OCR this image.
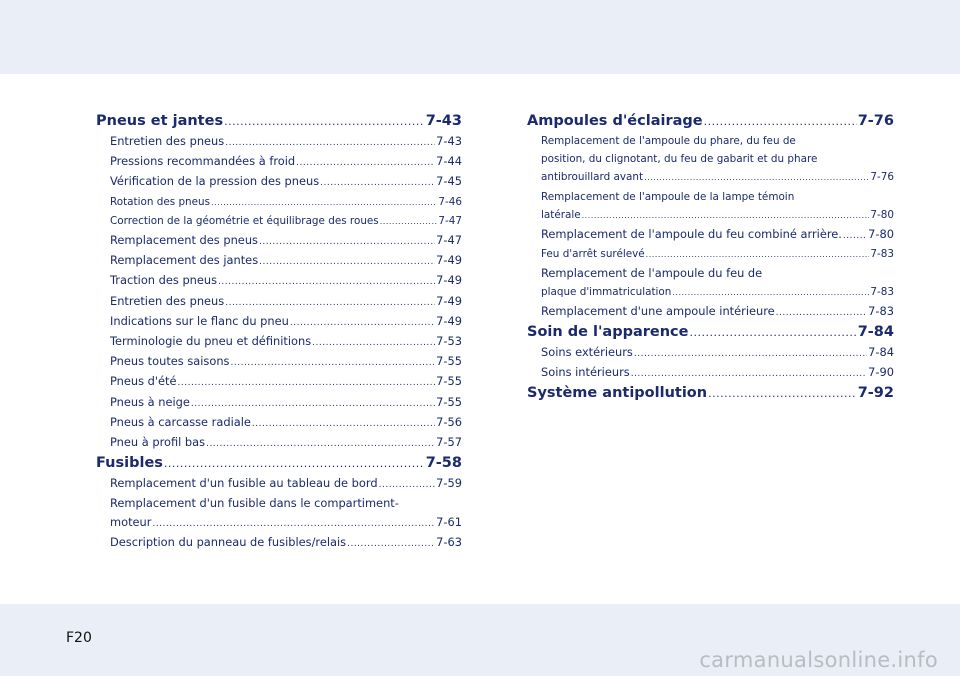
Pneus et jantes .....	7-43
Entretien des pneus .....	7-43
Pressions recommandées à froid .....	7-44
Vérification de la pression des pneus .....	7-45
Rotation des pneus .....	7-46
Correction de la géométrie et équilibrage des roues .....	7-47
Remplacement des pneus .....	7-47
Remplacement des jantes .....	7-49
Traction des pneus .....	7-49
Entretien des pneus .....	7-49
Indications sur le flanc du pneu .....	7-49
Terminologie du pneu et définitions .....	7-53
Pneus toutes saisons .....	7-55
Pneus d'été .....	7-55
Pneus à neige .....	7-55
Pneus à carcasse radiale .....	7-56
Pneu à profil bas .....	7-57
Fusibles .....	7-58
Remplacement d'un fusible au tableau de bord .....	7-59
Remplacement d'un fusible dans le compartiment-
moteur .....	7-61
Description du panneau de fusibles/relais .....	7-63
Ampoules d'éclairage .....	7-76
Remplacement de l'ampoule du phare, du feu de
position, du clignotant, du feu de gabarit et du phare
antibrouillard avant .....	7-76
Remplacement de l'ampoule de la lampe témoin
latérale .....	7-80
Remplacement de l'ampoule du feu combiné arrière. ..... 7-80
Feu d'arrêt surélevé .....	7-83
Remplacement de l'ampoule du feu de
plaque d'immatriculation .....	7-83
Remplacement d'une ampoule intérieure .....	7-83
Soin de l'apparence .....	7-84
Soins extérieurs .....	7-84
Soins intérieurs .....	7-90
Système antipollution .....	7-92
F20
carmanualsonline.info
